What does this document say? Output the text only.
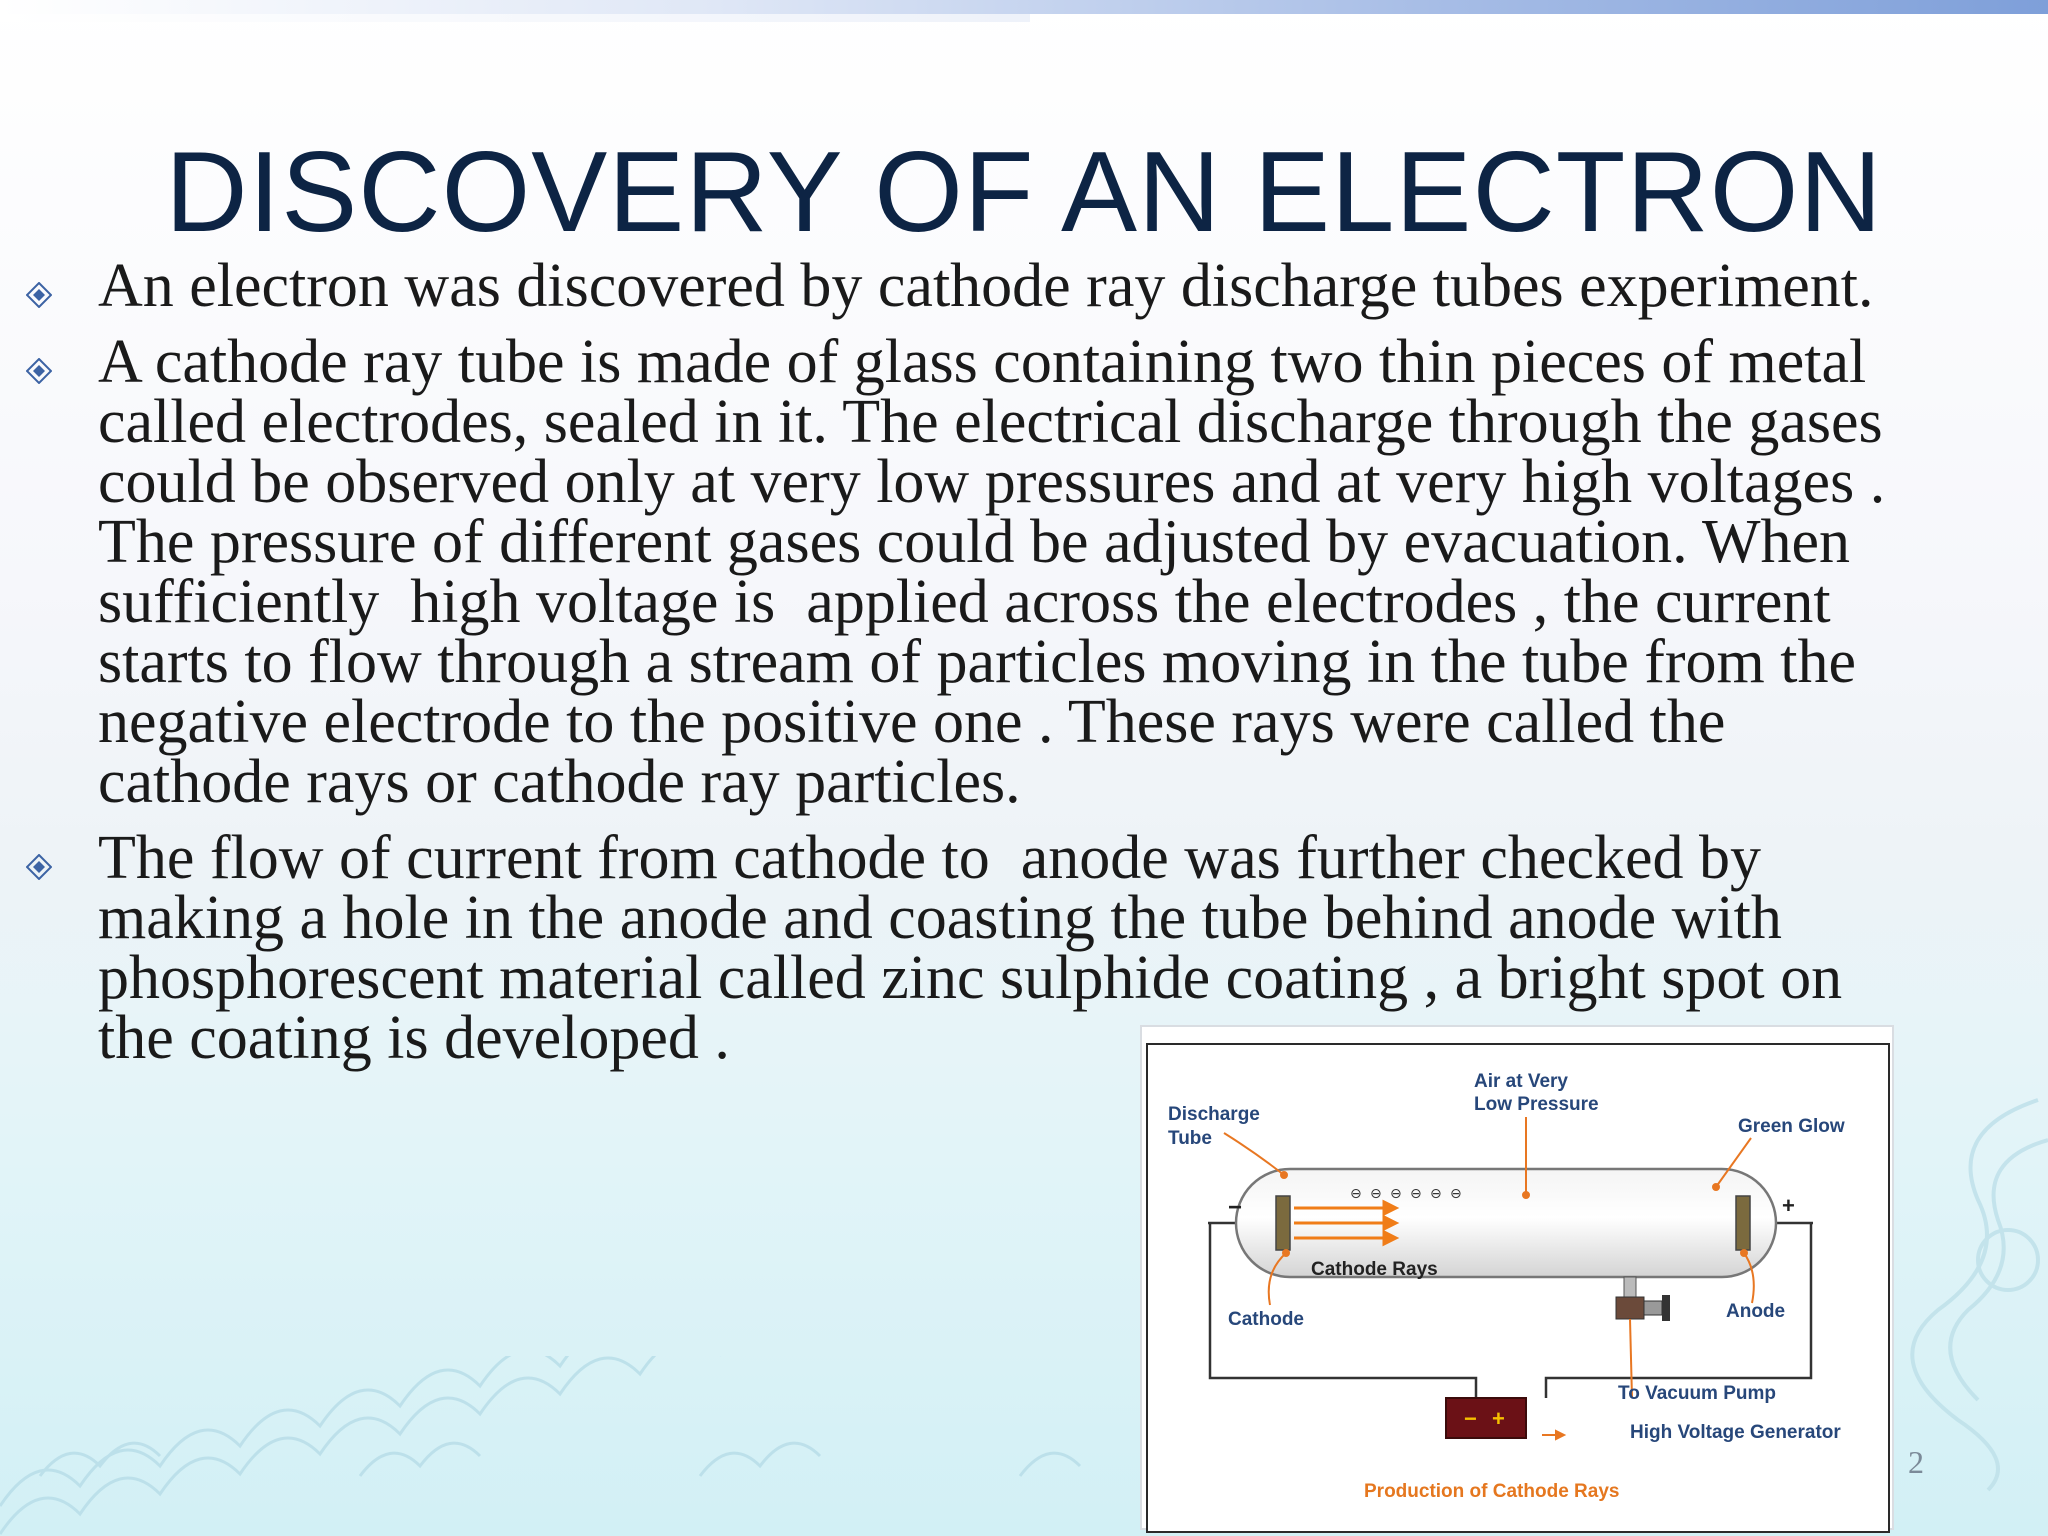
DISCOVERY OF AN ELECTRON
An electron was discovered by cathode ray discharge tubes experiment.
A cathode ray tube is made of glass containing two thin pieces of metal
called electrodes, sealed in it. The electrical discharge through the gases
could be observed only at very low pressures and at very high voltages .
The pressure of different gases could be adjusted by evacuation. When
sufficiently  high voltage is  applied across the electrodes , the current
starts to flow through a stream of particles moving in the tube from the
negative electrode to the positive one . These rays were called the
cathode rays or cathode ray particles.
The flow of current from cathode to  anode was further checked by
making a hole in the anode and coasting the tube behind anode with
phosphorescent material called zinc sulphide coating , a bright spot on
the coating is developed .
⊖ ⊖ ⊖ ⊖ ⊖ ⊖
− +
−	+
Discharge
Tube
Air at Very
Low Pressure
Green Glow
Cathode Rays
Cathode	Anode
To Vacuum Pump
High Voltage Generator
Production of Cathode Rays
2
